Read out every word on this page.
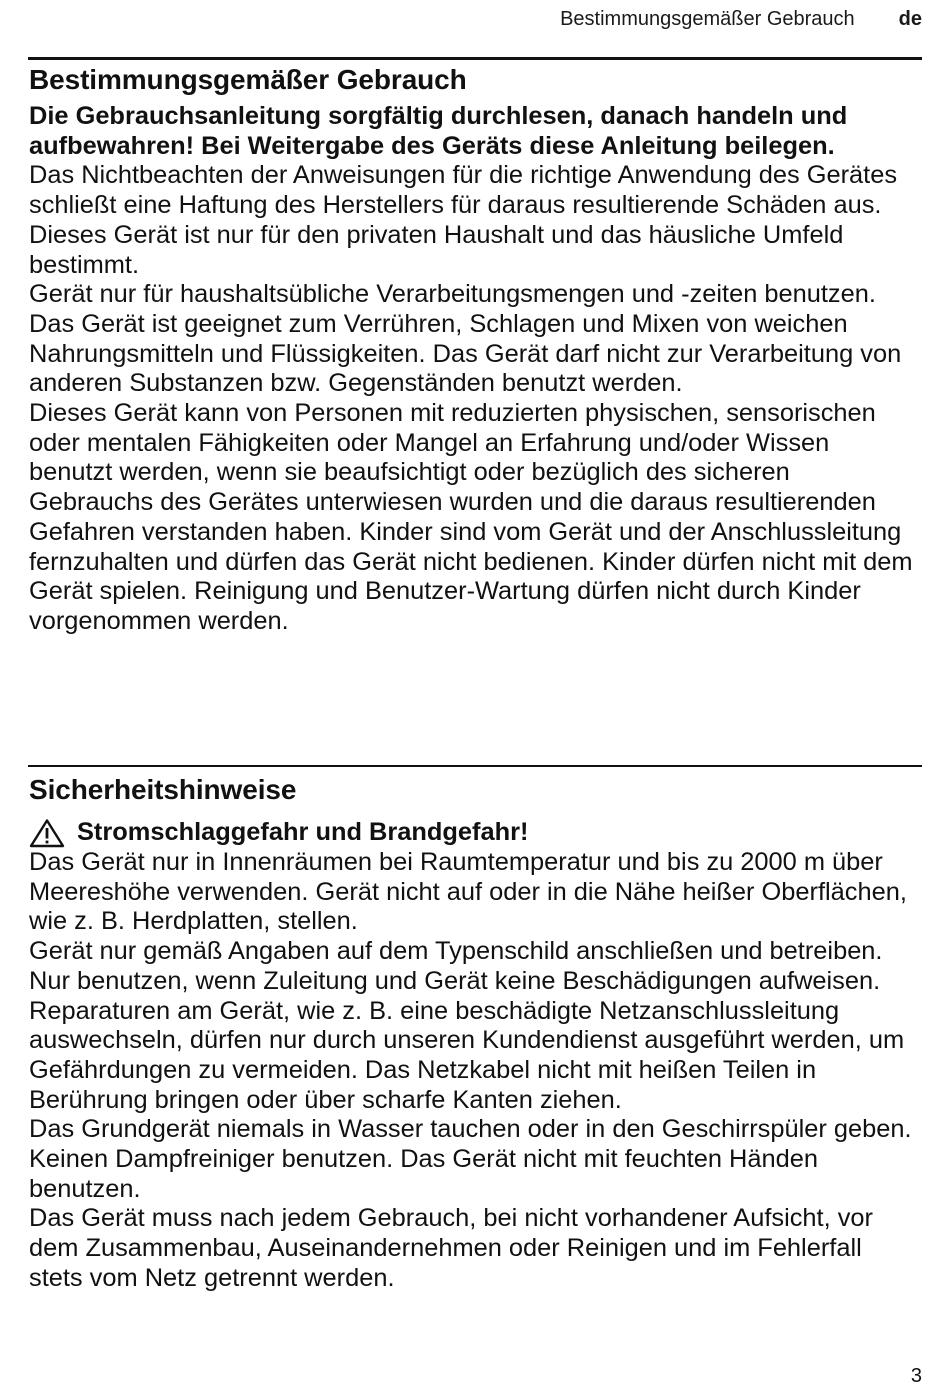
Bestimmungsgemäßer Gebrauch de
Bestimmungsgemäßer Gebrauch

Die Gebrauchsanleitung sorgfältig durchlesen, danach handeln und aufbewahren! Bei Weitergabe des Geräts diese Anleitung beilegen.

Das Nichtbeachten der Anweisungen für die richtige Anwendung des Gerätes schließt eine Haftung des Herstellers für daraus resultierende Schäden aus.

Dieses Gerät ist nur für den privaten Haushalt und das häusliche Umfeld bestimmt.

Gerät nur für haushaltsübliche Verarbeitungsmengen und -zeiten benutzen. Das Gerät ist geeignet zum Verrühren, Schlagen und Mixen von weichen Nahrungsmitteln und Flüssigkeiten. Das Gerät darf nicht zur Verarbeitung von anderen Substanzen bzw. Gegenständen benutzt werden.

Dieses Gerät kann von Personen mit reduzierten physischen, sensorischen oder mentalen Fähigkeiten oder Mangel an Erfahrung und/oder Wissen benutzt werden, wenn sie beaufsichtigt oder bezüglich des sicheren Gebrauchs des Gerätes unterwiesen wurden und die daraus resultierenden Gefahren verstanden haben. Kinder sind vom Gerät und der Anschlussleitung fernzuhalten und dürfen das Gerät nicht bedienen. Kinder dürfen nicht mit dem Gerät spielen. Reinigung und Benutzer-Wartung dürfen nicht durch Kinder vorgenommen werden.

Sicherheitshinweise
Stromschlaggefahr und Brandgefahr!

Das Gerät nur in Innenräumen bei Raumtemperatur und bis zu 2000 m über Meereshöhe verwenden. Gerät nicht auf oder in die Nähe heißer Oberflächen, wie z. B. Herdplatten, stellen.

Gerät nur gemäß Angaben auf dem Typenschild anschließen und betreiben. Nur benutzen, wenn Zuleitung und Gerät keine Beschädigungen aufweisen. Reparaturen am Gerät, wie z. B. eine beschädigte Netzanschlussleitung auswechseln, dürfen nur durch unseren Kundendienst ausgeführt werden, um Gefährdungen zu vermeiden. Das Netzkabel nicht mit heißen Teilen in Berührung bringen oder über scharfe Kanten ziehen.

Das Grundgerät niemals in Wasser tauchen oder in den Geschirrspüler geben. Keinen Dampfreiniger benutzen. Das Gerät nicht mit feuchten Händen benutzen.

Das Gerät muss nach jedem Gebrauch, bei nicht vorhandener Aufsicht, vor dem Zusammenbau, Auseinandernehmen oder Reinigen und im Fehlerfall stets vom Netz getrennt werden.

3
